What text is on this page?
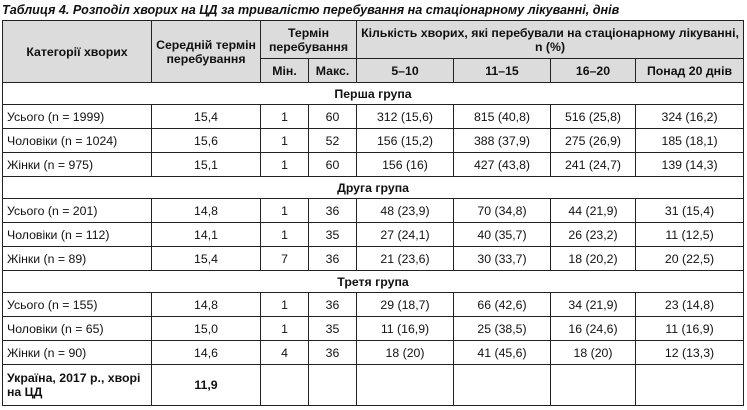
Таблиця 4. Розподіл хворих на ЦД за тривалістю перебування на стаціонарному лікуванні, днів
Категорії хворих	Середній термін перебування	Термін перебування		Кількість хворих, які перебували на стаціонарному лікуванні, n (%)			
		Мін.	Макс.	5–10	11–15	16–20	Понад 20 днів
Перша група							
Усього (n = 1999)	15,4	1	60	312 (15,6)	815 (40,8)	516 (25,8)	324 (16,2)
Чоловіки (n = 1024)	15,6	1	52	156 (15,2)	388 (37,9)	275 (26,9)	185 (18,1)
Жінки (n = 975)	15,1	1	60	156 (16)	427 (43,8)	241 (24,7)	139 (14,3)
Друга група							
Усього (n = 201)	14,8	1	36	48 (23,9)	70 (34,8)	44 (21,9)	31 (15,4)
Чоловіки (n = 112)	14,1	1	35	27 (24,1)	40 (35,7)	26 (23,2)	11 (12,5)
Жінки (n = 89)	15,4	7	36	21 (23,6)	30 (33,7)	18 (20,2)	20 (22,5)
Третя група							
Усього (n = 155)	14,8	1	36	29 (18,7)	66 (42,6)	34 (21,9)	23 (14,8)
Чоловіки (n = 65)	15,0	1	35	11 (16,9)	25 (38,5)	16 (24,6)	11 (16,9)
Жінки (n = 90)	14,6	4	36	18 (20)	41 (45,6)	18 (20)	12 (13,3)
Україна, 2017 р., хворі на ЦД	11,9						
